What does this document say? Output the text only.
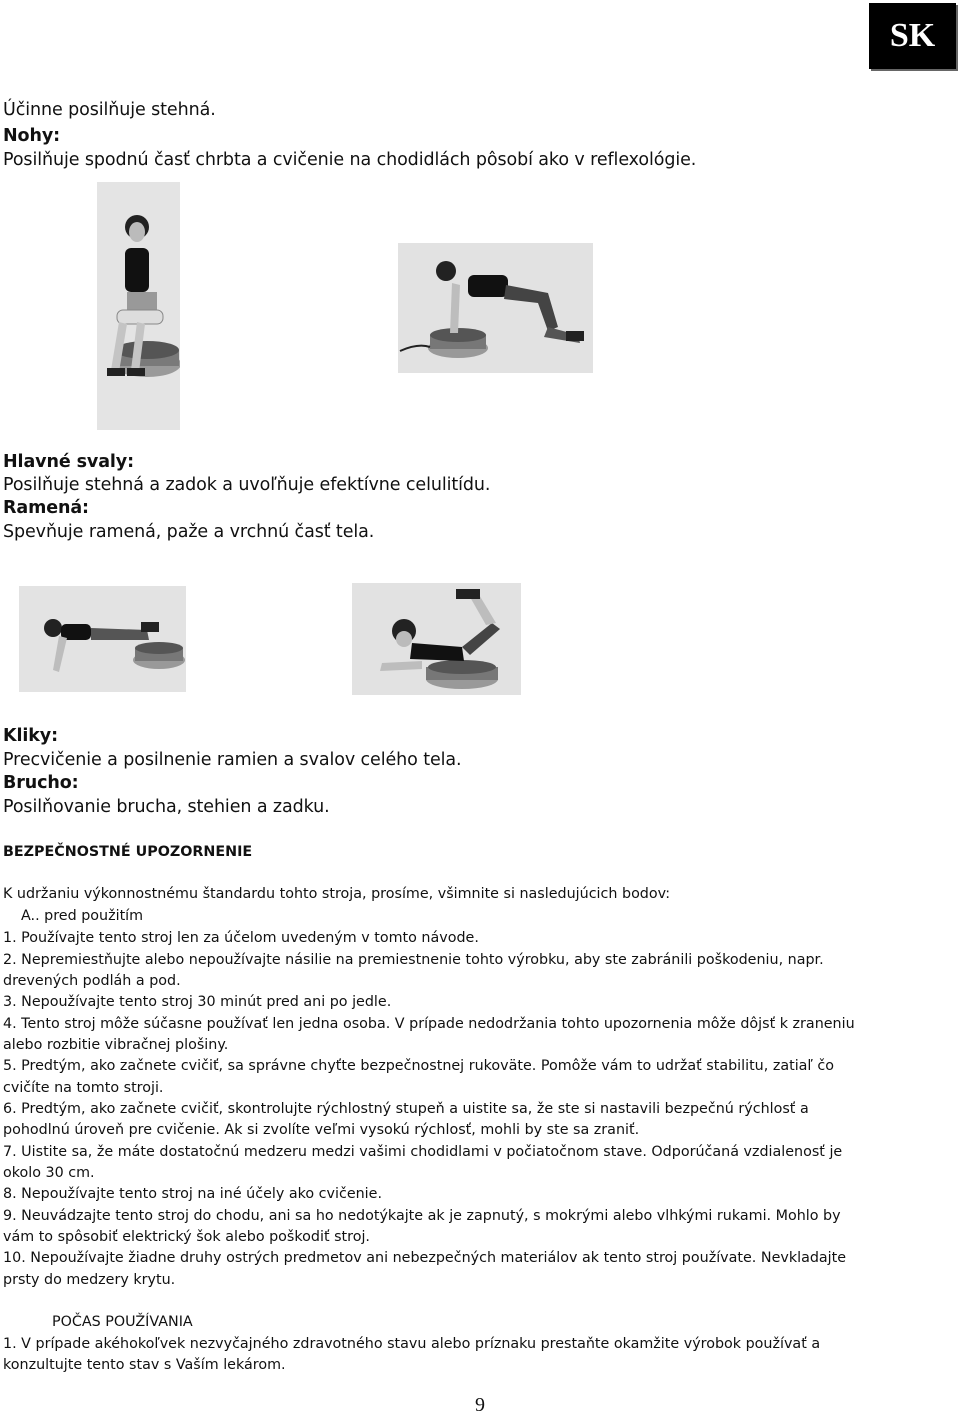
SK
Účinne posilňuje stehná.
Nohy:
Posilňuje spodnú časť chrbta a cvičenie na chodidlách pôsobí ako v reflexológie.
Hlavné svaly:
Posilňuje stehná a zadok a uvoľňuje efektívne celulitídu.
Ramená:
Spevňuje ramená, paže a vrchnú časť tela.
Kliky:
Precvičenie a posilnenie ramien a svalov celého tela.
Brucho:
Posilňovanie brucha, stehien a zadku.
BEZPEČNOSTNÉ UPOZORNENIE
K udržaniu výkonnostnému štandardu tohto stroja, prosíme, všimnite si nasledujúcich bodov:
A.. pred použitím
1. Používajte tento stroj len za účelom uvedeným v tomto návode.
2. Nepremiestňujte alebo nepoužívajte násilie na premiestnenie tohto výrobku, aby ste zabránili poškodeniu, napr.
drevených podláh a pod.
3. Nepoužívajte tento stroj 30 minút pred ani po jedle.
4. Tento stroj môže súčasne používať len jedna osoba. V prípade nedodržania tohto upozornenia môže dôjsť k zraneniu
alebo rozbitie vibračnej plošiny.
5. Predtým, ako začnete cvičiť, sa správne chyťte bezpečnostnej rukoväte. Pomôže vám to udržať stabilitu, zatiaľ čo
cvičíte na tomto stroji.
6. Predtým, ako začnete cvičiť, skontrolujte rýchlostný stupeň a uistite sa, že ste si nastavili bezpečnú rýchlosť a
pohodlnú úroveň pre cvičenie. Ak si zvolíte veľmi vysokú rýchlosť, mohli by ste sa zraniť.
7. Uistite sa, že máte dostatočnú medzeru medzi vašimi chodidlami v počiatočnom stave. Odporúčaná vzdialenosť je
okolo 30 cm.
8. Nepoužívajte tento stroj na iné účely ako cvičenie.
9. Neuvádzajte tento stroj do chodu, ani sa ho nedotýkajte ak je zapnutý, s mokrými alebo vlhkými rukami. Mohlo by
vám to spôsobiť elektrický šok alebo poškodiť stroj.
10. Nepoužívajte žiadne druhy ostrých predmetov ani nebezpečných materiálov ak tento stroj používate. Nevkladajte
prsty do medzery krytu.
POČAS POUŽÍVANIA
1. V prípade akéhokoľvek nezvyčajného zdravotného stavu alebo príznaku prestaňte okamžite výrobok používať a
konzultujte tento stav s Vaším lekárom.
9
